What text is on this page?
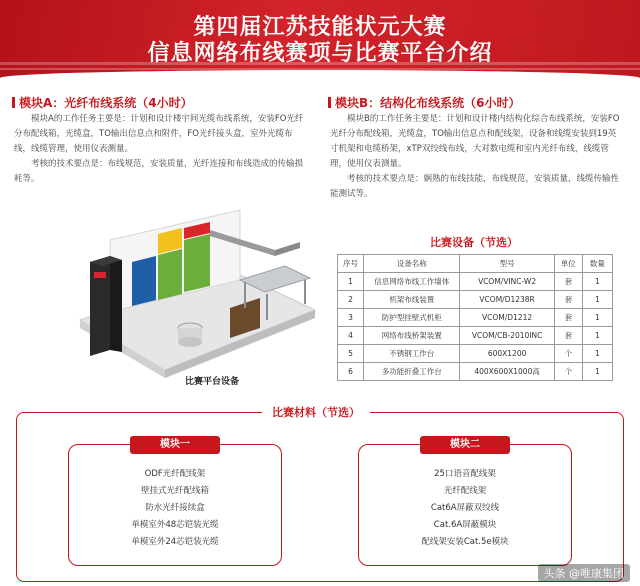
第四届江苏技能状元大赛
信息网络布线赛项与比赛平台介绍
模块A：光纤布线系统（4小时）

模块A的工作任务主要是：计划和设计楼宇间光缆布线系统，安装FO光纤分布配线箱，光缆盒，TO输出信息点和附件，FO光纤接头盒，室外光缆布线，线缆管理，使用仪表测量。

考核的技术要点是：布线规范，安装质量，光纤连接和布线造成的传输损耗等。

模块B：结构化布线系统（6小时）

模块B的工作任务主要是：计划和设计楼内结构化综合布线系统，安装FO光纤分布配线箱，光缆盒，TO输出信息点和配线架，设备和线缆安装到19英寸机架和电缆桥架，xTP双绞线布线，大对数电缆和室内光纤布线，线缆管理，使用仪表测量。

考核的技术要点是：娴熟的布线技能，布线规范，安装质量，线缆传输性能测试等。

比赛平台设备
比赛设备（节选）
序号	设备名称	型号	单位	数量
1	信息网络布线工作墙体	VCOM/VINC-W2	套	1
2	机架布线装置	VCOM/D1238R	套	1
3	防护型挂壁式机柜	VCOM/D1212	套	1
4	网络布线桥架装置	VCOM/CB-2010INC	套	1
5	不锈钢工作台	600X1200	个	1
6	多功能折叠工作台	400X600X1000高	个	1
比赛材料（节选）
模块一
ODF光纤配线架
壁挂式光纤配线箱
防水光纤接续盒
单模室外48芯铠装光缆
单模室外24芯铠装光缆
模块二
25口语音配线架
光纤配线架
Cat6A屏蔽双绞线
Cat.6A屏蔽模块
配线架安装Cat.5e模块
头条 @唯康集团
